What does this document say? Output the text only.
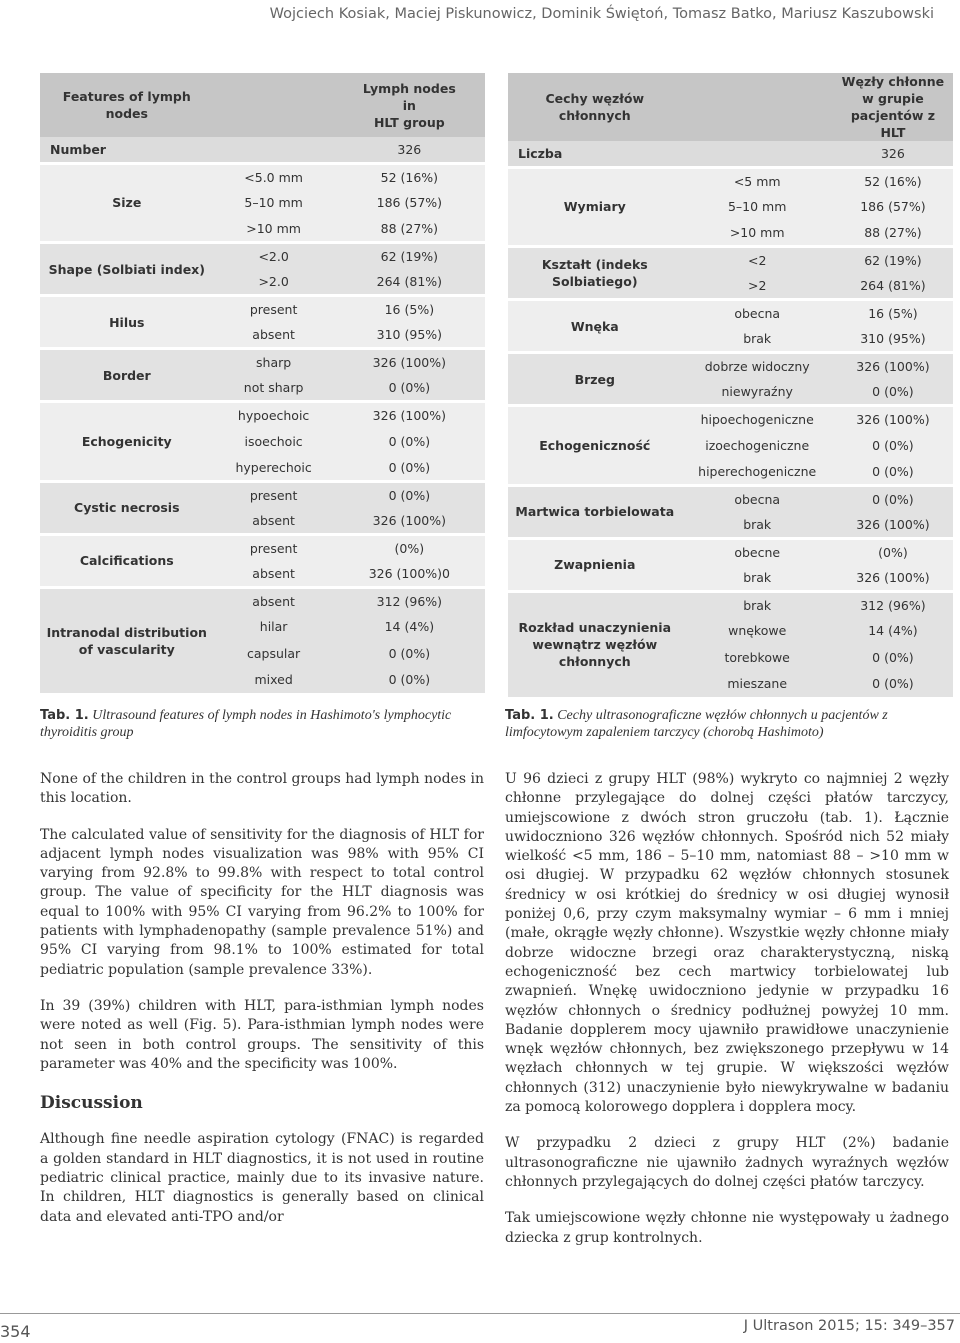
Wojciech Kosiak, Maciej Piskunowicz, Dominik Świętoń, Tomasz Batko, Mariusz Kaszubowski
Features of lymph nodes		Lymph nodes
in
HLT group
Number		326
Size	<5.0 mm	52 (16%)
	5–10 mm	186 (57%)
	>10 mm	88 (27%)
Shape (Solbiati index)	<2.0	62 (19%)
	>2.0	264 (81%)
Hilus	present	16 (5%)
	absent	310 (95%)
Border	sharp	326 (100%)
	not sharp	0 (0%)
Echogenicity	hypoechoic	326 (100%)
	isoechoic	0 (0%)
	hyperechoic	0 (0%)
Cystic necrosis	present	0 (0%)
	absent	326 (100%)
Calcifications	present	(0%)
	absent	326 (100%)0
Intranodal distribution of vascularity	absent	312 (96%)
	hilar	14 (4%)
	capsular	0 (0%)
	mixed	0 (0%)
Cechy węzłów chłonnych		Węzły chłonne
w grupie
pacjentów z HLT
Liczba		326
Wymiary	<5 mm	52 (16%)
	5–10 mm	186 (57%)
	>10 mm	88 (27%)
Kształt (indeks Solbiatiego)	<2	62 (19%)
	>2	264 (81%)
Wnęka	obecna	16 (5%)
	brak	310 (95%)
Brzeg	dobrze widoczny	326 (100%)
	niewyraźny	0 (0%)
Echogeniczność	hipoechogeniczne	326 (100%)
	izoechogeniczne	0 (0%)
	hiperechogeniczne	0 (0%)
Martwica torbielowata	obecna	0 (0%)
	brak	326 (100%)
Zwapnienia	obecne	(0%)
	brak	326 (100%)
Rozkład unaczynienia wewnątrz węzłów chłonnych	brak	312 (96%)
	wnękowe	14 (4%)
	torebkowe	0 (0%)
	mieszane	0 (0%)
Tab. 1. Ultrasound features of lymph nodes in Hashimoto's lymphocytic thyroiditis group
Tab. 1. Cechy ultrasonograficzne węzłów chłonnych u pacjentów z limfocytowym zapaleniem tarczycy (chorobą Hashimoto)

None of the children in the control groups had lymph nodes in this location.

The calculated value of sensitivity for the diagnosis of HLT for adjacent lymph nodes visualization was 98% with 95% CI varying from 92.8% to 99.8% with respect to total control group. The value of specificity for the HLT diagnosis was equal to 100% with 95% CI varying from 96.2% to 100% for patients with lymphadenopathy (sample prevalence 51%) and 95% CI varying from 98.1% to 100% estimated for total pediatric population (sample prevalence 33%).

In 39 (39%) children with HLT, para-isthmian lymph nodes were noted as well (Fig. 5). Para-isthmian lymph nodes were not seen in both control groups. The sensitivity of this parameter was 40% and the specificity was 100%.

Discussion

Although fine needle aspiration cytology (FNAC) is regarded a golden standard in HLT diagnostics, it is not used in routine pediatric clinical practice, mainly due to its invasive nature. In children, HLT diagnostics is generally based on clinical data and elevated anti-TPO and/or

U 96 dzieci z grupy HLT (98%) wykryto co najmniej 2 węzły chłonne przylegające do dolnej części płatów tarczycy, umiejscowione z dwóch stron gruczołu (tab. 1). Łącznie uwidoczniono 326 węzłów chłonnych. Spośród nich 52 miały wielkość <5 mm, 186 – 5–10 mm, natomiast 88 – >10 mm w osi długiej. W przypadku 62 węzłów chłonnych stosunek średnicy w osi krótkiej do średnicy w osi długiej wynosił poniżej 0,6, przy czym maksymalny wymiar – 6 mm i mniej (małe, okrągłe węzły chłonne). Wszystkie węzły chłonne miały dobrze widoczne brzegi oraz charakterystyczną, niską echogeniczność bez cech martwicy torbielowatej lub zwapnień. Wnękę uwidoczniono jedynie w przypadku 16 węzłów chłonnych o średnicy podłużnej powyżej 10 mm. Badanie dopplerem mocy ujawniło prawidłowe unaczynienie wnęk węzłów chłonnych, bez zwiększonego przepływu w 14 węzłach chłonnych w tej grupie. W większości węzłów chłonnych (312) unaczynienie było niewykrywalne w badaniu za pomocą kolorowego dopplera i dopplera mocy.

W przypadku 2 dzieci z grupy HLT (2%) badanie ultrasonograficzne nie ujawniło żadnych wyraźnych węzłów chłonnych przylegających do dolnej części płatów tarczycy.

Tak umiejscowione węzły chłonne nie występowały u żadnego dziecka z grup kontrolnych.

354	J Ultrason 2015; 15: 349–357
